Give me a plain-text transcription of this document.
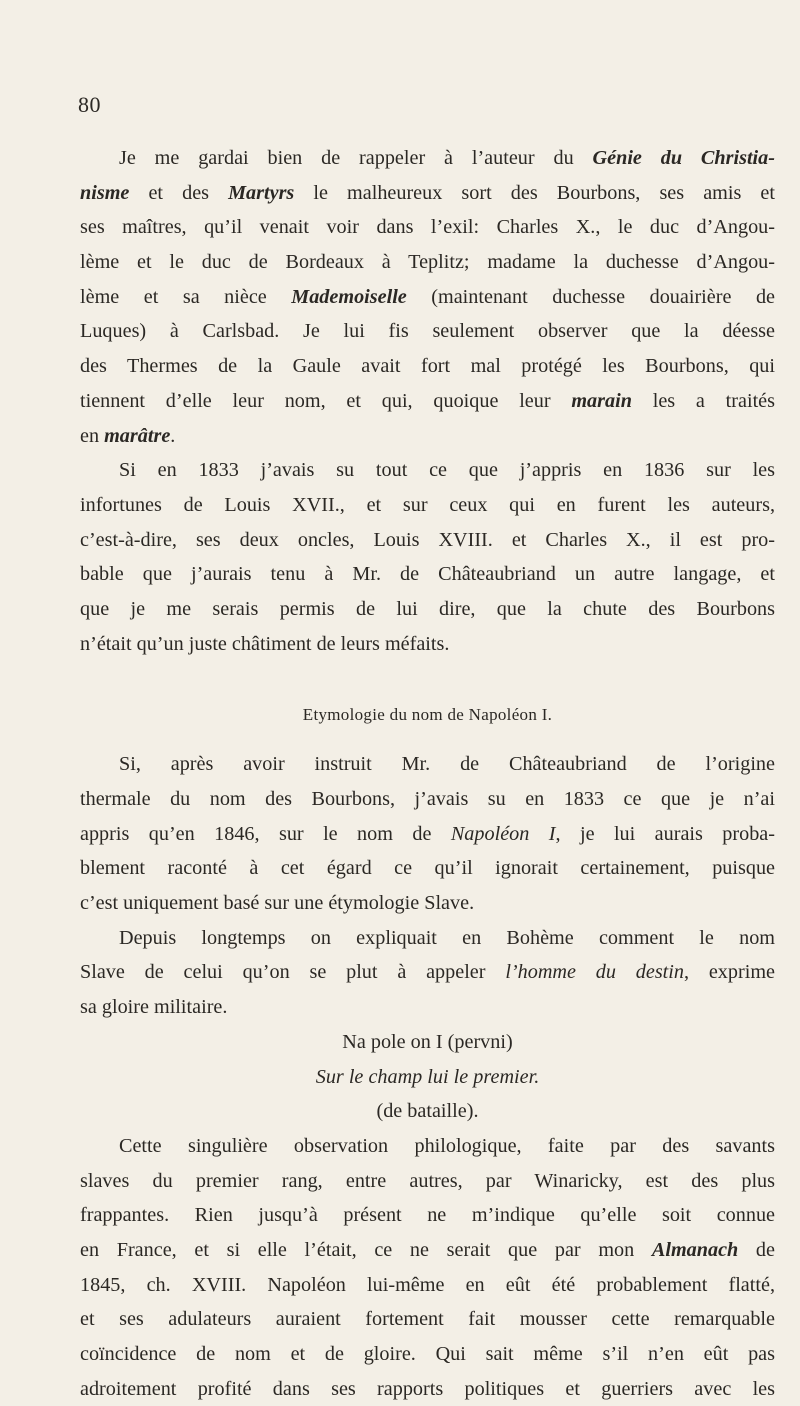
80
Je me gardai bien de rappeler à l’auteur du Génie du Christia-
nisme et des Martyrs le malheureux sort des Bourbons, ses amis et
ses maîtres, qu’il venait voir dans l’exil: Charles X., le duc d’Angou-
lème et le duc de Bordeaux à Teplitz; madame la duchesse d’Angou-
lème et sa nièce Mademoiselle (maintenant duchesse douairière de
Luques) à Carlsbad. Je lui fis seulement observer que la déesse
des Thermes de la Gaule avait fort mal protégé les Bourbons, qui
tiennent d’elle leur nom, et qui, quoique leur marain les a traités
en marâtre.
Si en 1833 j’avais su tout ce que j’appris en 1836 sur les
infortunes de Louis XVII., et sur ceux qui en furent les auteurs,
c’est-à-dire, ses deux oncles, Louis XVIII. et Charles X., il est pro-
bable que j’aurais tenu à Mr. de Châteaubriand un autre langage, et
que je me serais permis de lui dire, que la chute des Bourbons
n’était qu’un juste châtiment de leurs méfaits.
Etymologie du nom de Napoléon I.
Si, après avoir instruit Mr. de Châteaubriand de l’origine
thermale du nom des Bourbons, j’avais su en 1833 ce que je n’ai
appris qu’en 1846, sur le nom de Napoléon I, je lui aurais proba-
blement raconté à cet égard ce qu’il ignorait certainement, puisque
c’est uniquement basé sur une étymologie Slave.
Depuis longtemps on expliquait en Bohème comment le nom
Slave de celui qu’on se plut à appeler l’homme du destin, exprime
sa gloire militaire.
Na pole on I (pervni)
Sur le champ lui le premier.
(de bataille).
Cette singulière observation philologique, faite par des savants
slaves du premier rang, entre autres, par Winaricky, est des plus
frappantes. Rien jusqu’à présent ne m’indique qu’elle soit connue
en France, et si elle l’était, ce ne serait que par mon Almanach de
1845, ch. XVIII. Napoléon lui-même en eût été probablement flatté,
et ses adulateurs auraient fortement fait mousser cette remarquable
coïncidence de nom et de gloire. Qui sait même s’il n’en eût pas
adroitement profité dans ses rapports politiques et guerriers avec les
